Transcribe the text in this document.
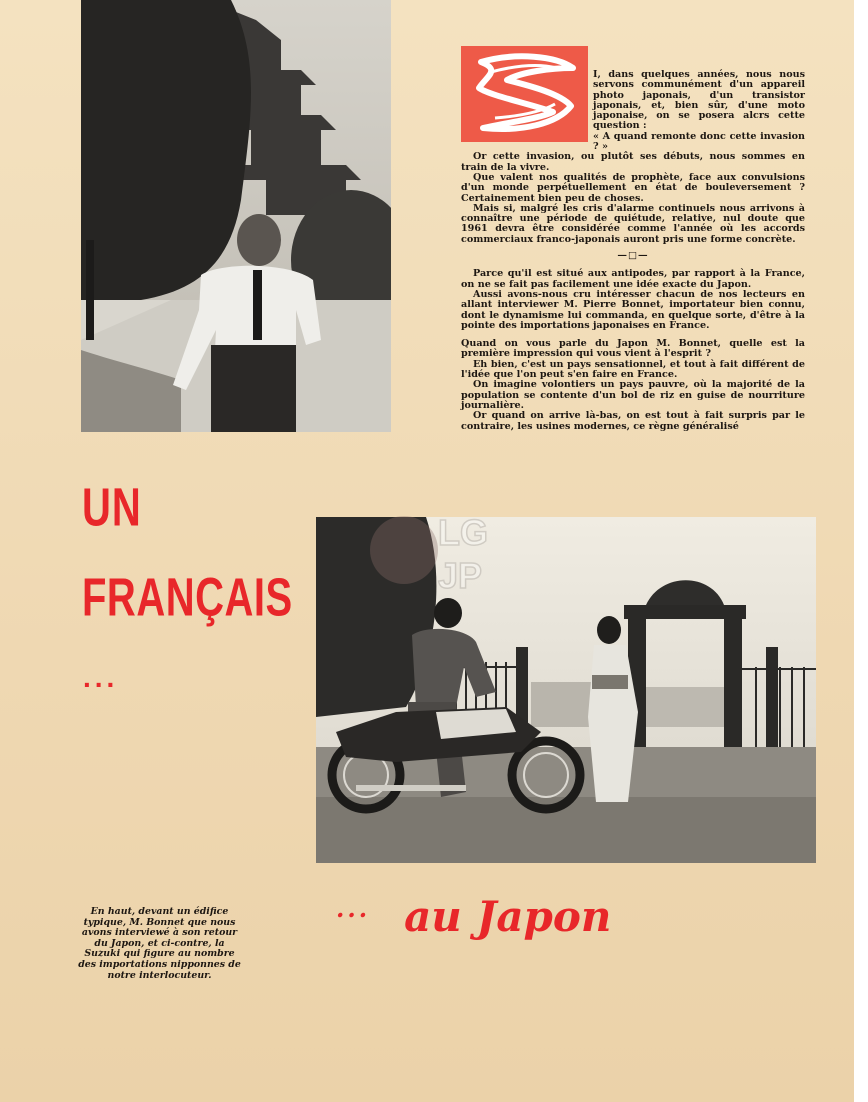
I, dans quelques années, nous nous servons communément d'un appareil photo japonais, d'un transistor japonais, et, bien sûr, d'une moto japonaise, on se posera alcrs cette question :

« A quand remonte donc cette invasion ? »

Or cette invasion, ou plutôt ses débuts, nous sommes en train de la vivre.

Que valent nos qualités de prophète, face aux convulsions d'un monde perpétuellement en état de bouleversement ? Certainement bien peu de choses.

Mais si, malgré les cris d'alarme continuels nous arrivons à connaître une période de quiétude, relative, nul doute que 1961 devra être considérée comme l'année où les accords commerciaux franco-japonais auront pris une forme concrète.

—□—

Parce qu'il est situé aux antipodes, par rapport à la France, on ne se fait pas facilement une idée exacte du Japon.

Aussi avons-nous cru intéresser chacun de nos lecteurs en allant interviewer M. Pierre Bonnet, importateur bien connu, dont le dynamisme lui commanda, en quelque sorte, d'être à la pointe des importations japonaises en France.

Quand on vous parle du Japon M. Bonnet, quelle est la première impression qui vous vient à l'esprit ?

Eh bien, c'est un pays sensationnel, et tout à fait différent de l'idée que l'on peut s'en faire en France.

On imagine volontiers un pays pauvre, où la majorité de la population se contente d'un bol de riz en guise de nourriture journalière.

Or quand on arrive là-bas, on est tout à fait surpris par le contraire, les usines modernes, ce règne généralisé

UN
FRANÇAIS
...
LG
JP
En haut, devant un édifice typique, M. Bonnet que nous avons interviewé à son retour du Japon, et ci-contre, la Suzuki qui figure au nombre des importations nipponnes de notre interlocuteur.
... au Japon
